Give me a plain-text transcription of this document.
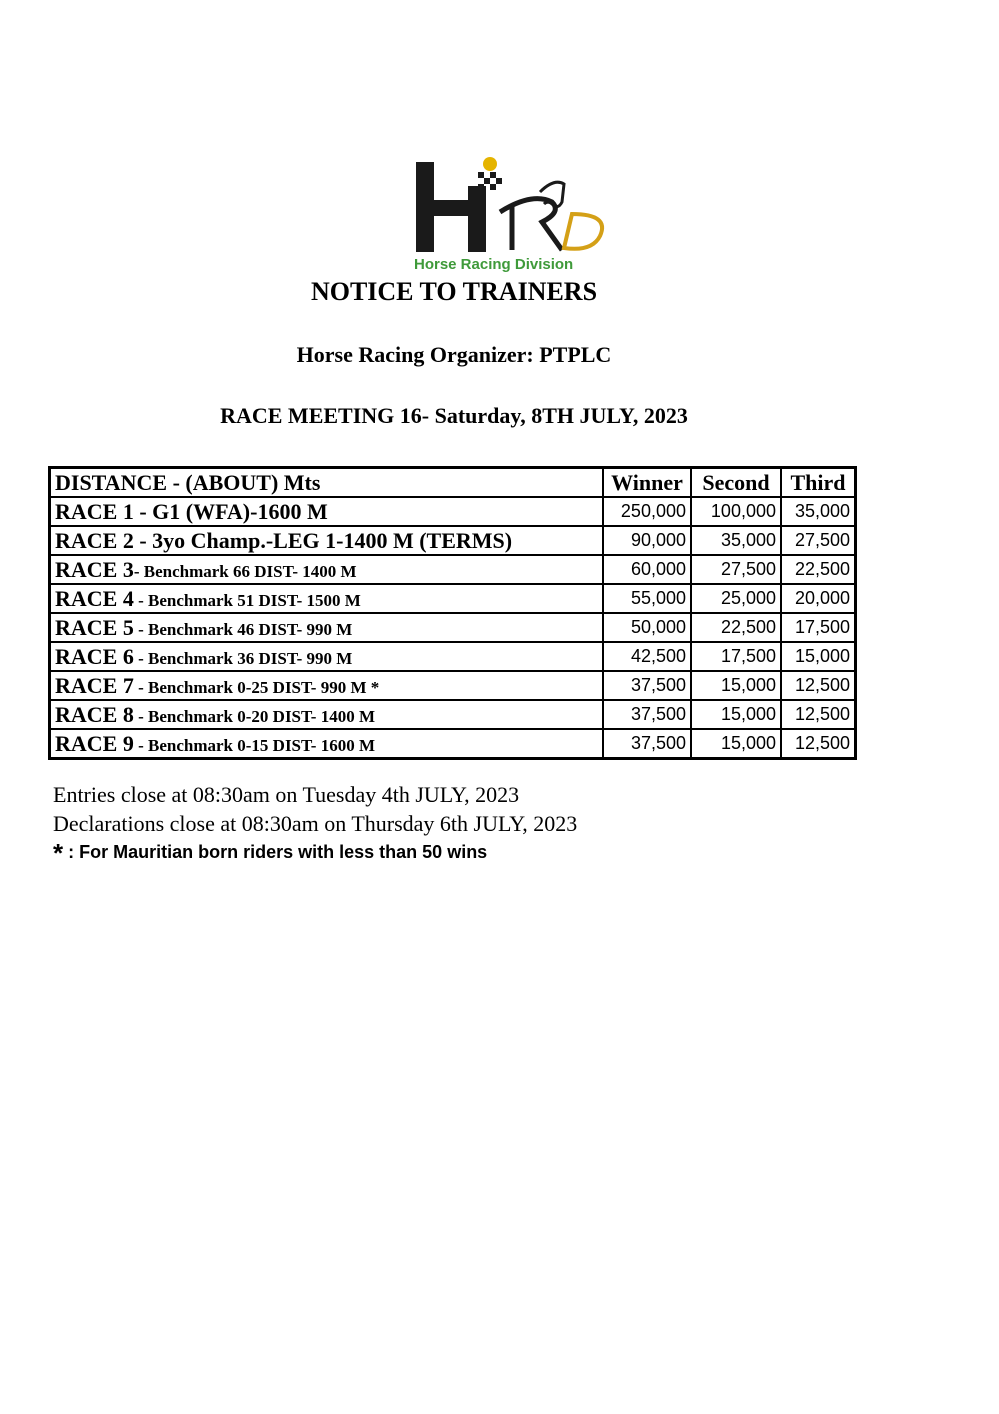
Horse Racing Division
NOTICE TO TRAINERS
Horse Racing Organizer: PTPLC
RACE MEETING 16- Saturday, 8TH JULY, 2023
DISTANCE - (ABOUT) Mts	Winner	Second	Third
RACE 1 - G1 (WFA)-1600 M	250,000	100,000	35,000
RACE 2 - 3yo Champ.-LEG 1-1400 M (TERMS)	90,000	35,000	27,500
RACE 3- Benchmark 66 DIST- 1400 M	60,000	27,500	22,500
RACE 4 - Benchmark 51 DIST- 1500 M	55,000	25,000	20,000
RACE 5 - Benchmark 46 DIST- 990 M	50,000	22,500	17,500
RACE 6 - Benchmark 36 DIST- 990 M	42,500	17,500	15,000
RACE 7 - Benchmark 0-25 DIST- 990 M *	37,500	15,000	12,500
RACE 8 - Benchmark 0-20 DIST- 1400 M	37,500	15,000	12,500
RACE 9 - Benchmark 0-15 DIST- 1600 M	37,500	15,000	12,500
Entries close at 08:30am on Tuesday 4th JULY, 2023
Declarations close at 08:30am on Thursday 6th JULY, 2023
* : For Mauritian born riders with less than 50 wins
